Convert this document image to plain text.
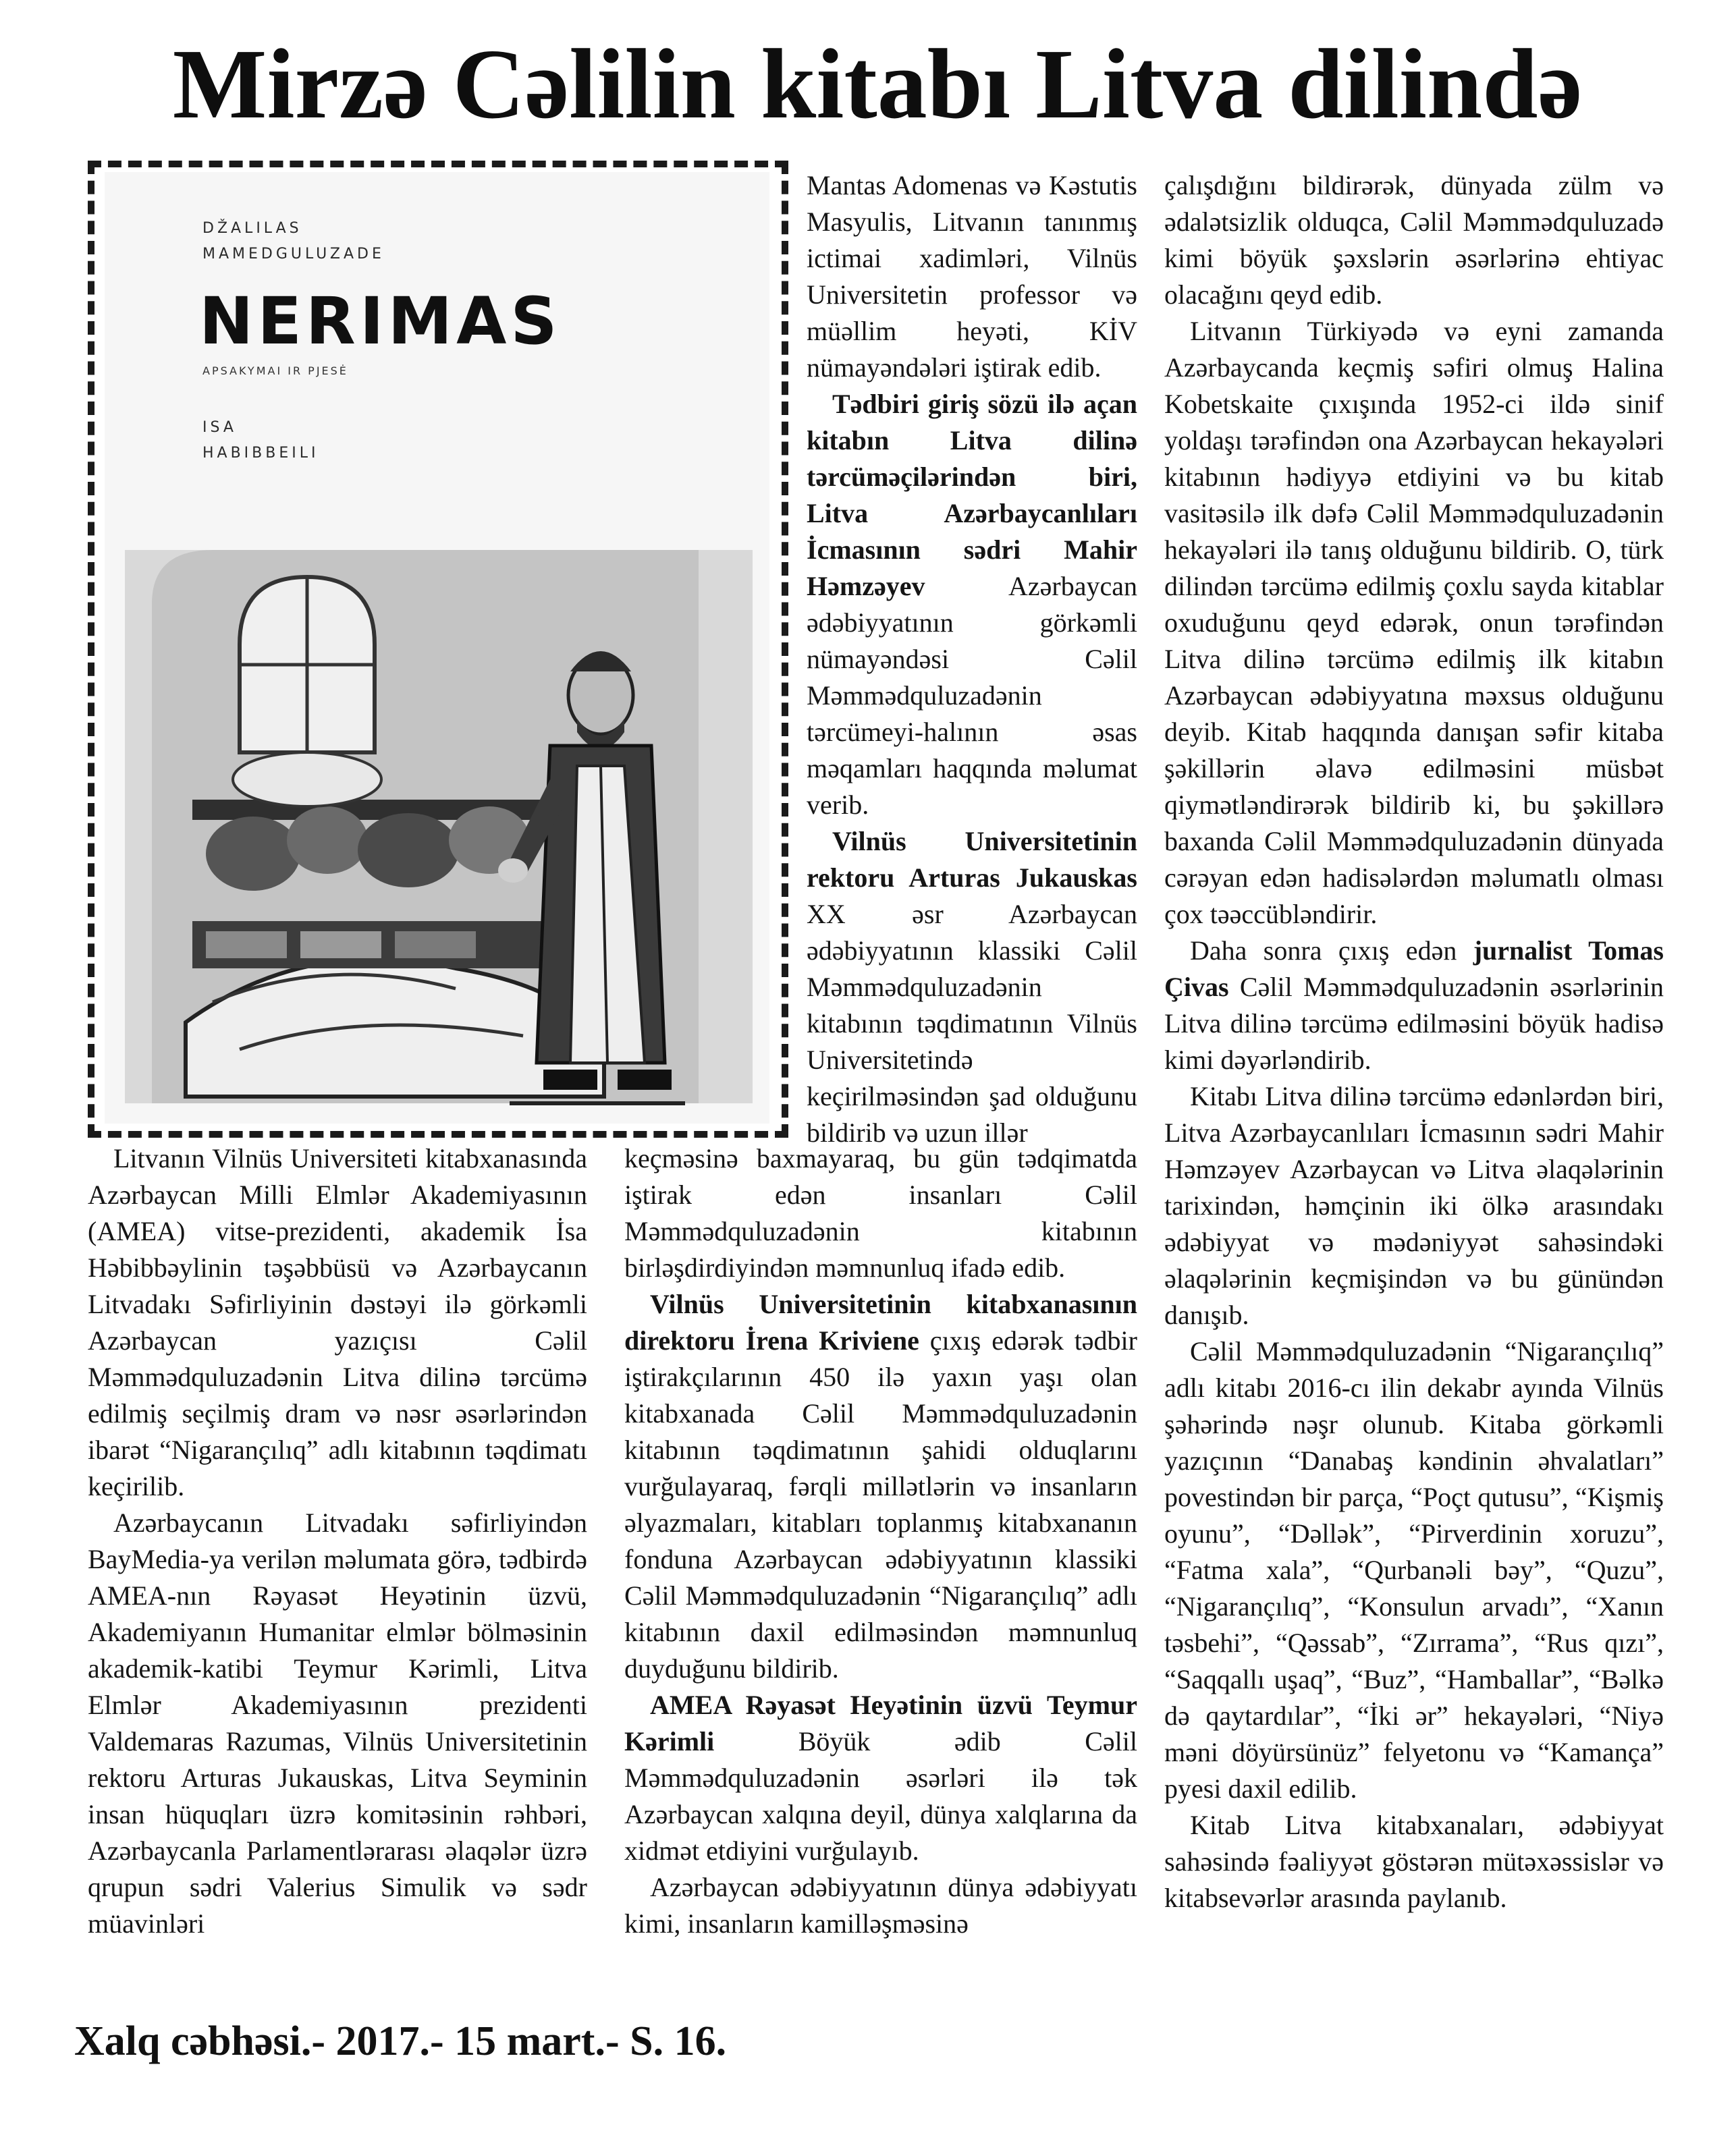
Mirzə Cəlilin kitabı Litva dilində
DŽALILAS
MAMEDGULUZADE
NERIMAS
APSAKYMAI IR PJESĖ
ISA
HABIBBEILI

Litvanın Vilnüs Universiteti kitabxanasında Azərbaycan Milli Elmlər Akademiyasının (AMEA) vitse-prezidenti, akademik İsa Həbibbəylinin təşəbbüsü və Azərbaycanın Litvadakı Səfirliyinin dəstəyi ilə görkəmli Azərbaycan yazıçısı Cəlil Məmmədquluzadənin Litva dilinə tərcümə edilmiş seçilmiş dram və nəsr əsərlərindən ibarət “Nigarançılıq” adlı kitabının təqdimatı keçirilib.

Azərbaycanın Litvadakı səfirliyindən BayMedia-ya verilən məlumata görə, tədbirdə AMEA-nın Rəyasət Heyətinin üzvü, Akademiyanın Humanitar elmlər bölməsinin akademik-katibi Teymur Kərimli, Litva Elmlər Akademiyasının prezidenti Valdemaras Razumas, Vilnüs Universitetinin rektoru Arturas Jukauskas, Litva Seyminin insan hüquqları üzrə komitəsinin rəhbəri, Azərbaycanla Parlamentlərarası əlaqələr üzrə qrupun sədri Valerius Simulik və sədr müavinləri

Mantas Adomenas və Kəstutis Masyulis, Litvanın tanınmış ictimai xadimləri, Vilnüs Universitetin professor və müəllim heyəti, KİV nümayəndələri iştirak edib.

Tədbiri giriş sözü ilə açan kitabın Litva dilinə tərcüməçilərindən biri, Litva Azərbaycanlıları İcmasının sədri Mahir Həmzəyev Azərbaycan ədəbiyyatının görkəmli nümayəndəsi Cəlil Məmmədquluzadənin tərcümeyi-halının əsas məqamları haqqında məlumat verib.

Vilnüs Universitetinin rektoru Arturas Jukauskas XX əsr Azərbaycan ədəbiyyatının klassiki Cəlil Məmmədquluzadənin kitabının təqdimatının Vilnüs Universitetində keçirilməsindən şad olduğunu bildirib və uzun illər

keçməsinə baxmayaraq, bu gün tədqimatda iştirak edən insanları Cəlil Məmmədquluzadənin kitabının birləşdirdiyindən məmnunluq ifadə edib.

Vilnüs Universitetinin kitabxanasının direktoru İrena Kriviene çıxış edərək tədbir iştirakçılarının 450 ilə yaxın yaşı olan kitabxanada Cəlil Məmmədquluzadənin kitabının təqdimatının şahidi olduqlarını vurğulayaraq, fərqli millətlərin və insanların əlyazmaları, kitabları toplanmış kitabxananın fonduna Azərbaycan ədəbiyyatının klassiki Cəlil Məmmədquluzadənin “Nigarançılıq” adlı kitabının daxil edilməsindən məmnunluq duyduğunu bildirib.

AMEA Rəyasət Heyətinin üzvü Teymur Kərimli Böyük ədib Cəlil Məmmədquluzadənin əsərləri ilə tək Azərbaycan xalqına deyil, dünya xalqlarına da xidmət etdiyini vurğulayıb.

Azərbaycan ədəbiyyatının dünya ədəbiyyatı kimi, insanların kamilləşməsinə

çalışdığını bildirərək, dünyada zülm və ədalətsizlik olduqca, Cəlil Məmmədquluzadə kimi böyük şəxslərin əsərlərinə ehtiyac olacağını qeyd edib.

Litvanın Türkiyədə və eyni zamanda Azərbaycanda keçmiş səfiri olmuş Halina Kobetskaite çıxışında 1952-ci ildə sinif yoldaşı tərəfindən ona Azərbaycan hekayələri kitabının hədiyyə etdiyini və bu kitab vasitəsilə ilk dəfə Cəlil Məmmədquluzadənin hekayələri ilə tanış olduğunu bildirib. O, türk dilindən tərcümə edilmiş çoxlu sayda kitablar oxuduğunu qeyd edərək, onun tərəfindən Litva dilinə tərcümə edilmiş ilk kitabın Azərbaycan ədəbiyyatına məxsus olduğunu deyib. Kitab haqqında danışan səfir kitaba şəkillərin əlavə edilməsini müsbət qiymətləndirərək bildirib ki, bu şəkillərə baxanda Cəlil Məmmədquluzadənin dünyada cərəyan edən hadisələrdən məlumatlı olması çox təəccübləndirir.

Daha sonra çıxış edən jurnalist Tomas Çivas Cəlil Məmmədquluzadənin əsərlərinin Litva dilinə tərcümə edilməsini böyük hadisə kimi dəyərləndirib.

Kitabı Litva dilinə tərcümə edənlərdən biri, Litva Azərbaycanlıları İcmasının sədri Mahir Həmzəyev Azərbaycan və Litva əlaqələrinin tarixindən, həmçinin iki ölkə arasındakı ədəbiyyat və mədəniyyət sahəsindəki əlaqələrinin keçmişindən və bu günündən danışıb.

Cəlil Məmmədquluzadənin “Nigarançılıq” adlı kitabı 2016-cı ilin dekabr ayında Vilnüs şəhərində nəşr olunub. Kitaba görkəmli yazıçının “Danabaş kəndinin əhvalatları” povestindən bir parça, “Poçt qutusu”, “Kişmiş oyunu”, “Dəllək”, “Pirverdinin xoruzu”, “Fatma xala”, “Qurbanəli bəy”, “Quzu”, “Nigarançılıq”, “Konsulun arvadı”, “Xanın təsbehi”, “Qəssab”, “Zırrama”, “Rus qızı”, “Saqqallı uşaq”, “Buz”, “Hamballar”, “Bəlkə də qaytardılar”, “İki ər” hekayələri, “Niyə məni döyürsünüz” felyetonu və “Kamança” pyesi daxil edilib.

Kitab Litva kitabxanaları, ədəbiyyat sahəsində fəaliyyət göstərən mütəxəssislər və kitabsevərlər arasında paylanıb.

Xalq cəbhəsi.- 2017.- 15 mart.- S. 16.
